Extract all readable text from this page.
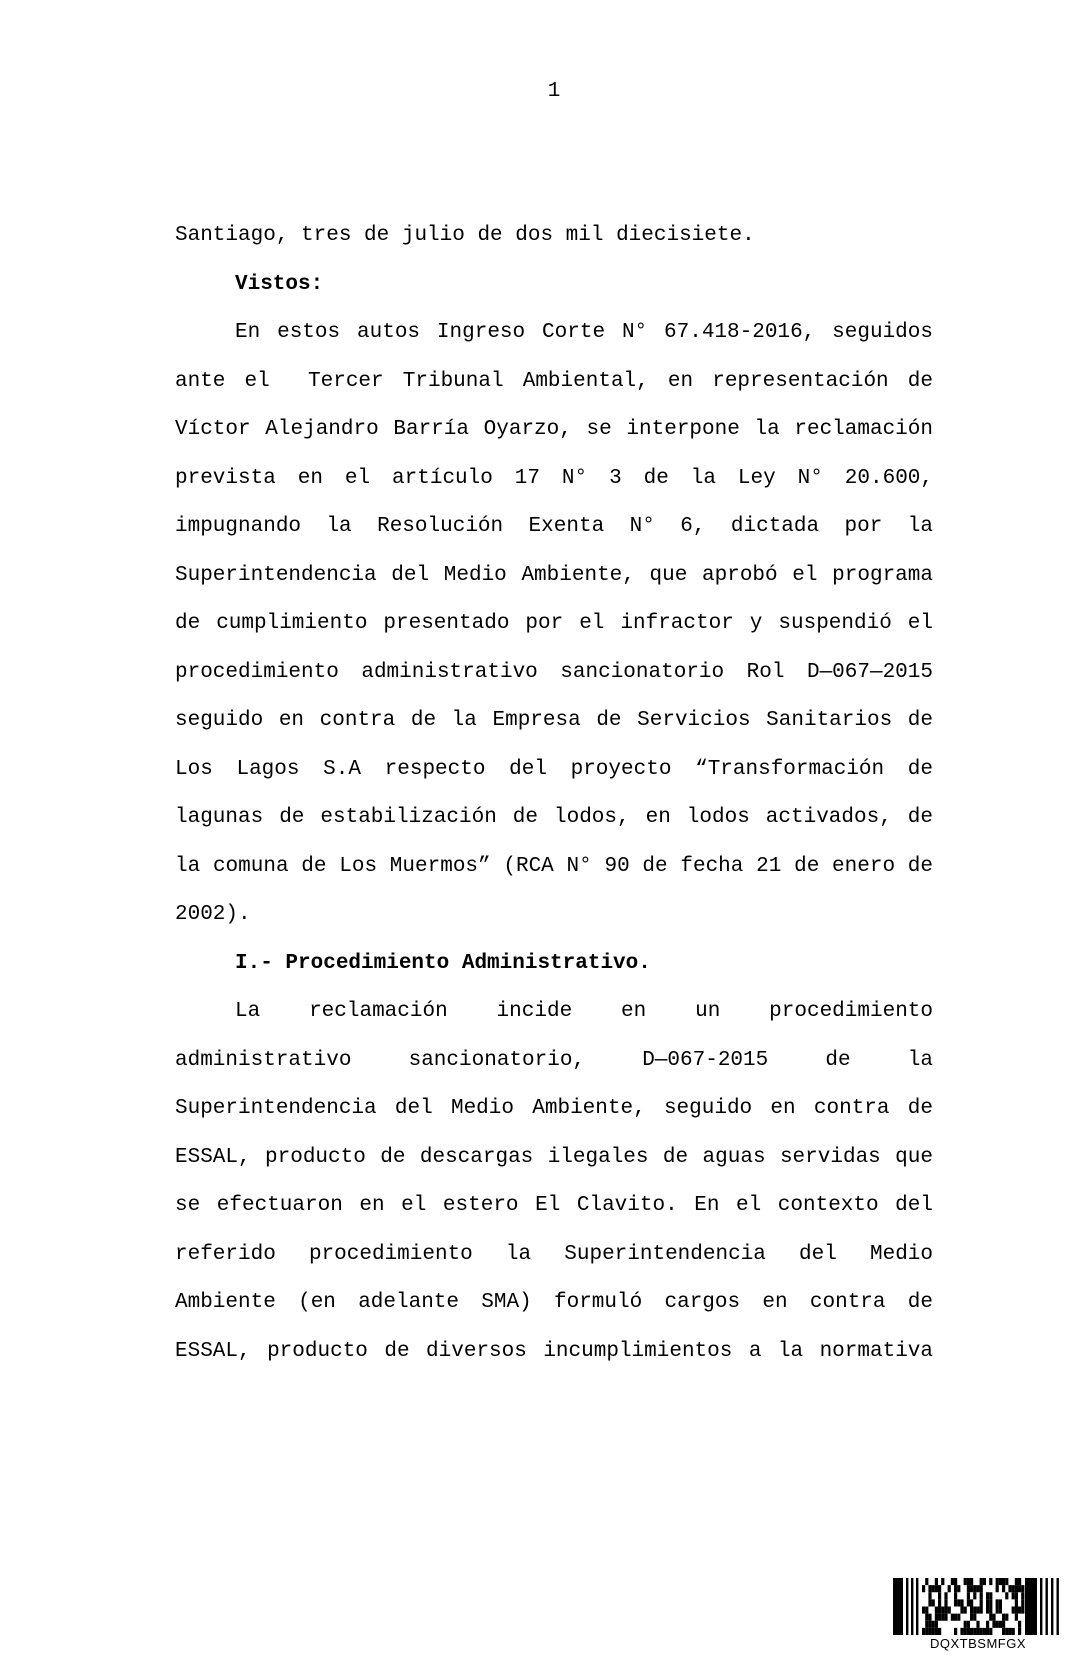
1
Santiago, tres de julio de dos mil diecisiete.
Vistos:
En estos autos Ingreso Corte N° 67.418-2016, seguidos
ante el  Tercer Tribunal Ambiental, en representación de
Víctor Alejandro Barría Oyarzo, se interpone la reclamación
prevista en el artículo 17 N° 3 de la Ley N° 20.600,
impugnando la Resolución Exenta N° 6, dictada por la
Superintendencia del Medio Ambiente, que aprobó el programa
de cumplimiento presentado por el infractor y suspendió el
procedimiento administrativo sancionatorio Rol D—067—2015
seguido en contra de la Empresa de Servicios Sanitarios de
Los Lagos S.A respecto del proyecto “Transformación de
lagunas de estabilización de lodos, en lodos activados, de
la comuna de Los Muermos” (RCA N° 90 de fecha 21 de enero de
2002).
I.- Procedimiento Administrativo.
La reclamación incide en un procedimiento
administrativo sancionatorio, D—067-2015 de la
Superintendencia del Medio Ambiente, seguido en contra de
ESSAL, producto de descargas ilegales de aguas servidas que
se efectuaron en el estero El Clavito. En el contexto del
referido procedimiento la Superintendencia del Medio
Ambiente (en adelante SMA) formuló cargos en contra de
ESSAL, producto de diversos incumplimientos a la normativa
DQXTBSMFGX
